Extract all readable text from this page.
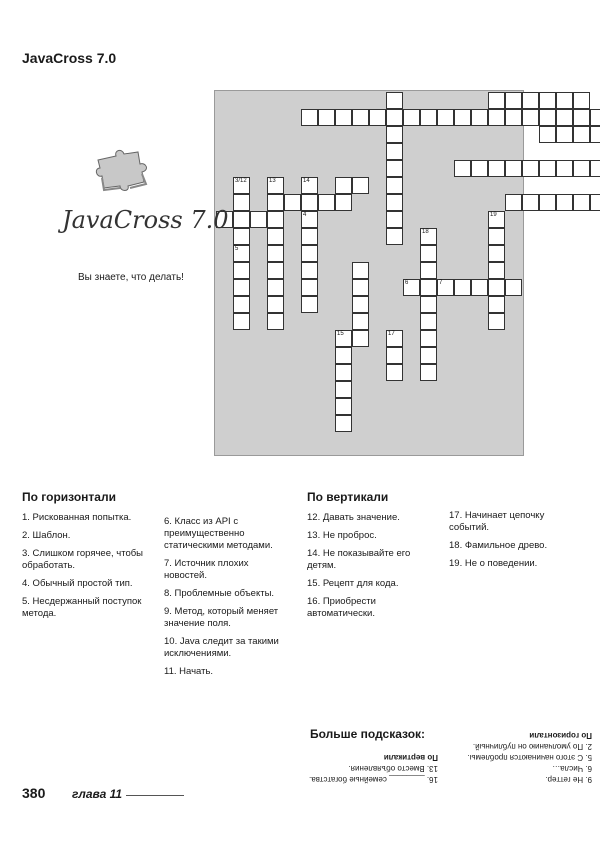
JavaCross 7.0
6	7
3/12
5
13	14
4
18
19
15	17
JavaCross 7.0
Вы знаете, что делать!
По горизонтали
1. Рискованная попытка.
2. Шаблон.
3. Слишком горячее, чтобы обработать.
4. Обычный простой тип.
5. Несдержанный поступок метода.
6. Класс из API с преимущественно статическими методами.
7. Источник плохих новостей.
8. Проблемные объекты.
9. Метод, который меняет значение поля.
10. Java следит за такими исключениями.
11. Начать.
По вертикали
12. Давать значение.
13. Не проброс.
14. Не показывайте его детям.
15. Рецепт для кода.
16. Приобрести автоматически.
17. Начинает цепочку событий.
18. Фамильное древо.
19. Не о поведении.
Больше подсказок:
16. ________ семейные богатства.
13. Вместо объявления.
По вертикали
9. Не геттер.
6. Числа…
5. С этого начинаются проблемы.
2. По умолчанию он публичный.
По горизонтали
380 глава 11
